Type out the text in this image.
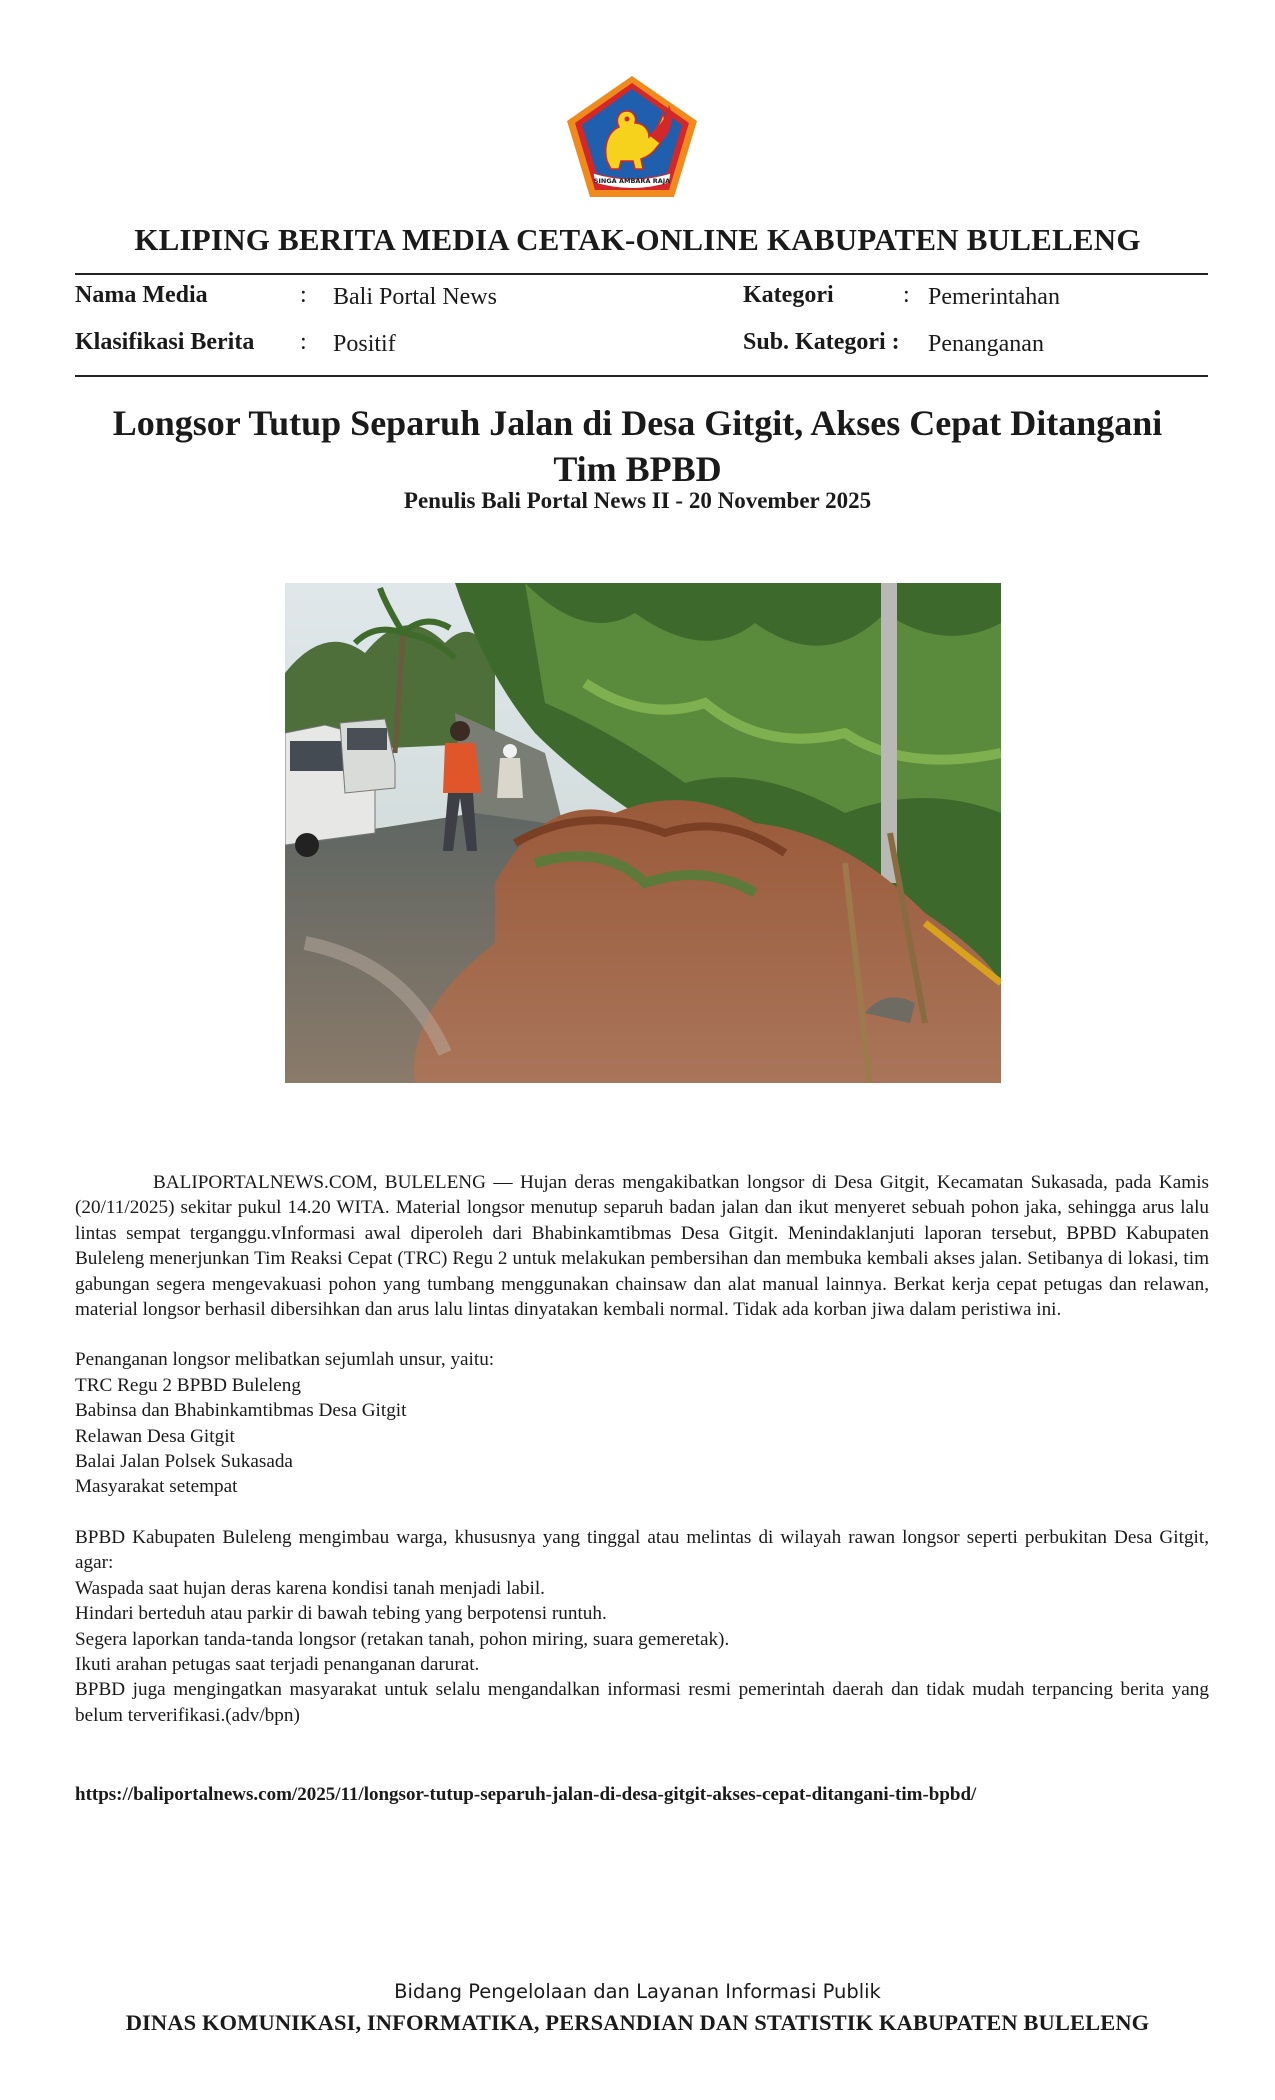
SINGA AMBARA RAJA
KLIPING BERITA MEDIA CETAK-ONLINE KABUPATEN BULELENG
Nama Media	: Bali Portal News	Kategori	: Pemerintahan
Klasifikasi Berita : Positif	Sub. Kategori : Penanganan
Longsor Tutup Separuh Jalan di Desa Gitgit, Akses Cepat Ditangani
Tim BPBD
Penulis Bali Portal News II - 20 November 2025

BALIPORTALNEWS.COM, BULELENG — Hujan deras mengakibatkan longsor di Desa Gitgit, Kecamatan Sukasada, pada Kamis (20/11/2025) sekitar pukul 14.20 WITA. Material longsor menutup separuh badan jalan dan ikut menyeret sebuah pohon jaka, sehingga arus lalu lintas sempat terganggu.vInformasi awal diperoleh dari Bhabinkamtibmas Desa Gitgit. Menindaklanjuti laporan tersebut, BPBD Kabupaten Buleleng menerjunkan Tim Reaksi Cepat (TRC) Regu 2 untuk melakukan pembersihan dan membuka kembali akses jalan. Setibanya di lokasi, tim gabungan segera mengevakuasi pohon yang tumbang menggunakan chainsaw dan alat manual lainnya. Berkat kerja cepat petugas dan relawan, material longsor berhasil dibersihkan dan arus lalu lintas dinyatakan kembali normal. Tidak ada korban jiwa dalam peristiwa ini.

Penanganan longsor melibatkan sejumlah unsur, yaitu:

TRC Regu 2 BPBD Buleleng

Babinsa dan Bhabinkamtibmas Desa Gitgit

Relawan Desa Gitgit

Balai Jalan Polsek Sukasada

Masyarakat setempat

BPBD Kabupaten Buleleng mengimbau warga, khususnya yang tinggal atau melintas di wilayah rawan longsor seperti perbukitan Desa Gitgit, agar:

Waspada saat hujan deras karena kondisi tanah menjadi labil.

Hindari berteduh atau parkir di bawah tebing yang berpotensi runtuh.

Segera laporkan tanda-tanda longsor (retakan tanah, pohon miring, suara gemeretak).

Ikuti arahan petugas saat terjadi penanganan darurat.

BPBD juga mengingatkan masyarakat untuk selalu mengandalkan informasi resmi pemerintah daerah dan tidak mudah terpancing berita yang belum terverifikasi.(adv/bpn)

https://baliportalnews.com/2025/11/longsor-tutup-separuh-jalan-di-desa-gitgit-akses-cepat-ditangani-tim-bpbd/
Bidang Pengelolaan dan Layanan Informasi Publik
DINAS KOMUNIKASI, INFORMATIKA, PERSANDIAN DAN STATISTIK KABUPATEN BULELENG
